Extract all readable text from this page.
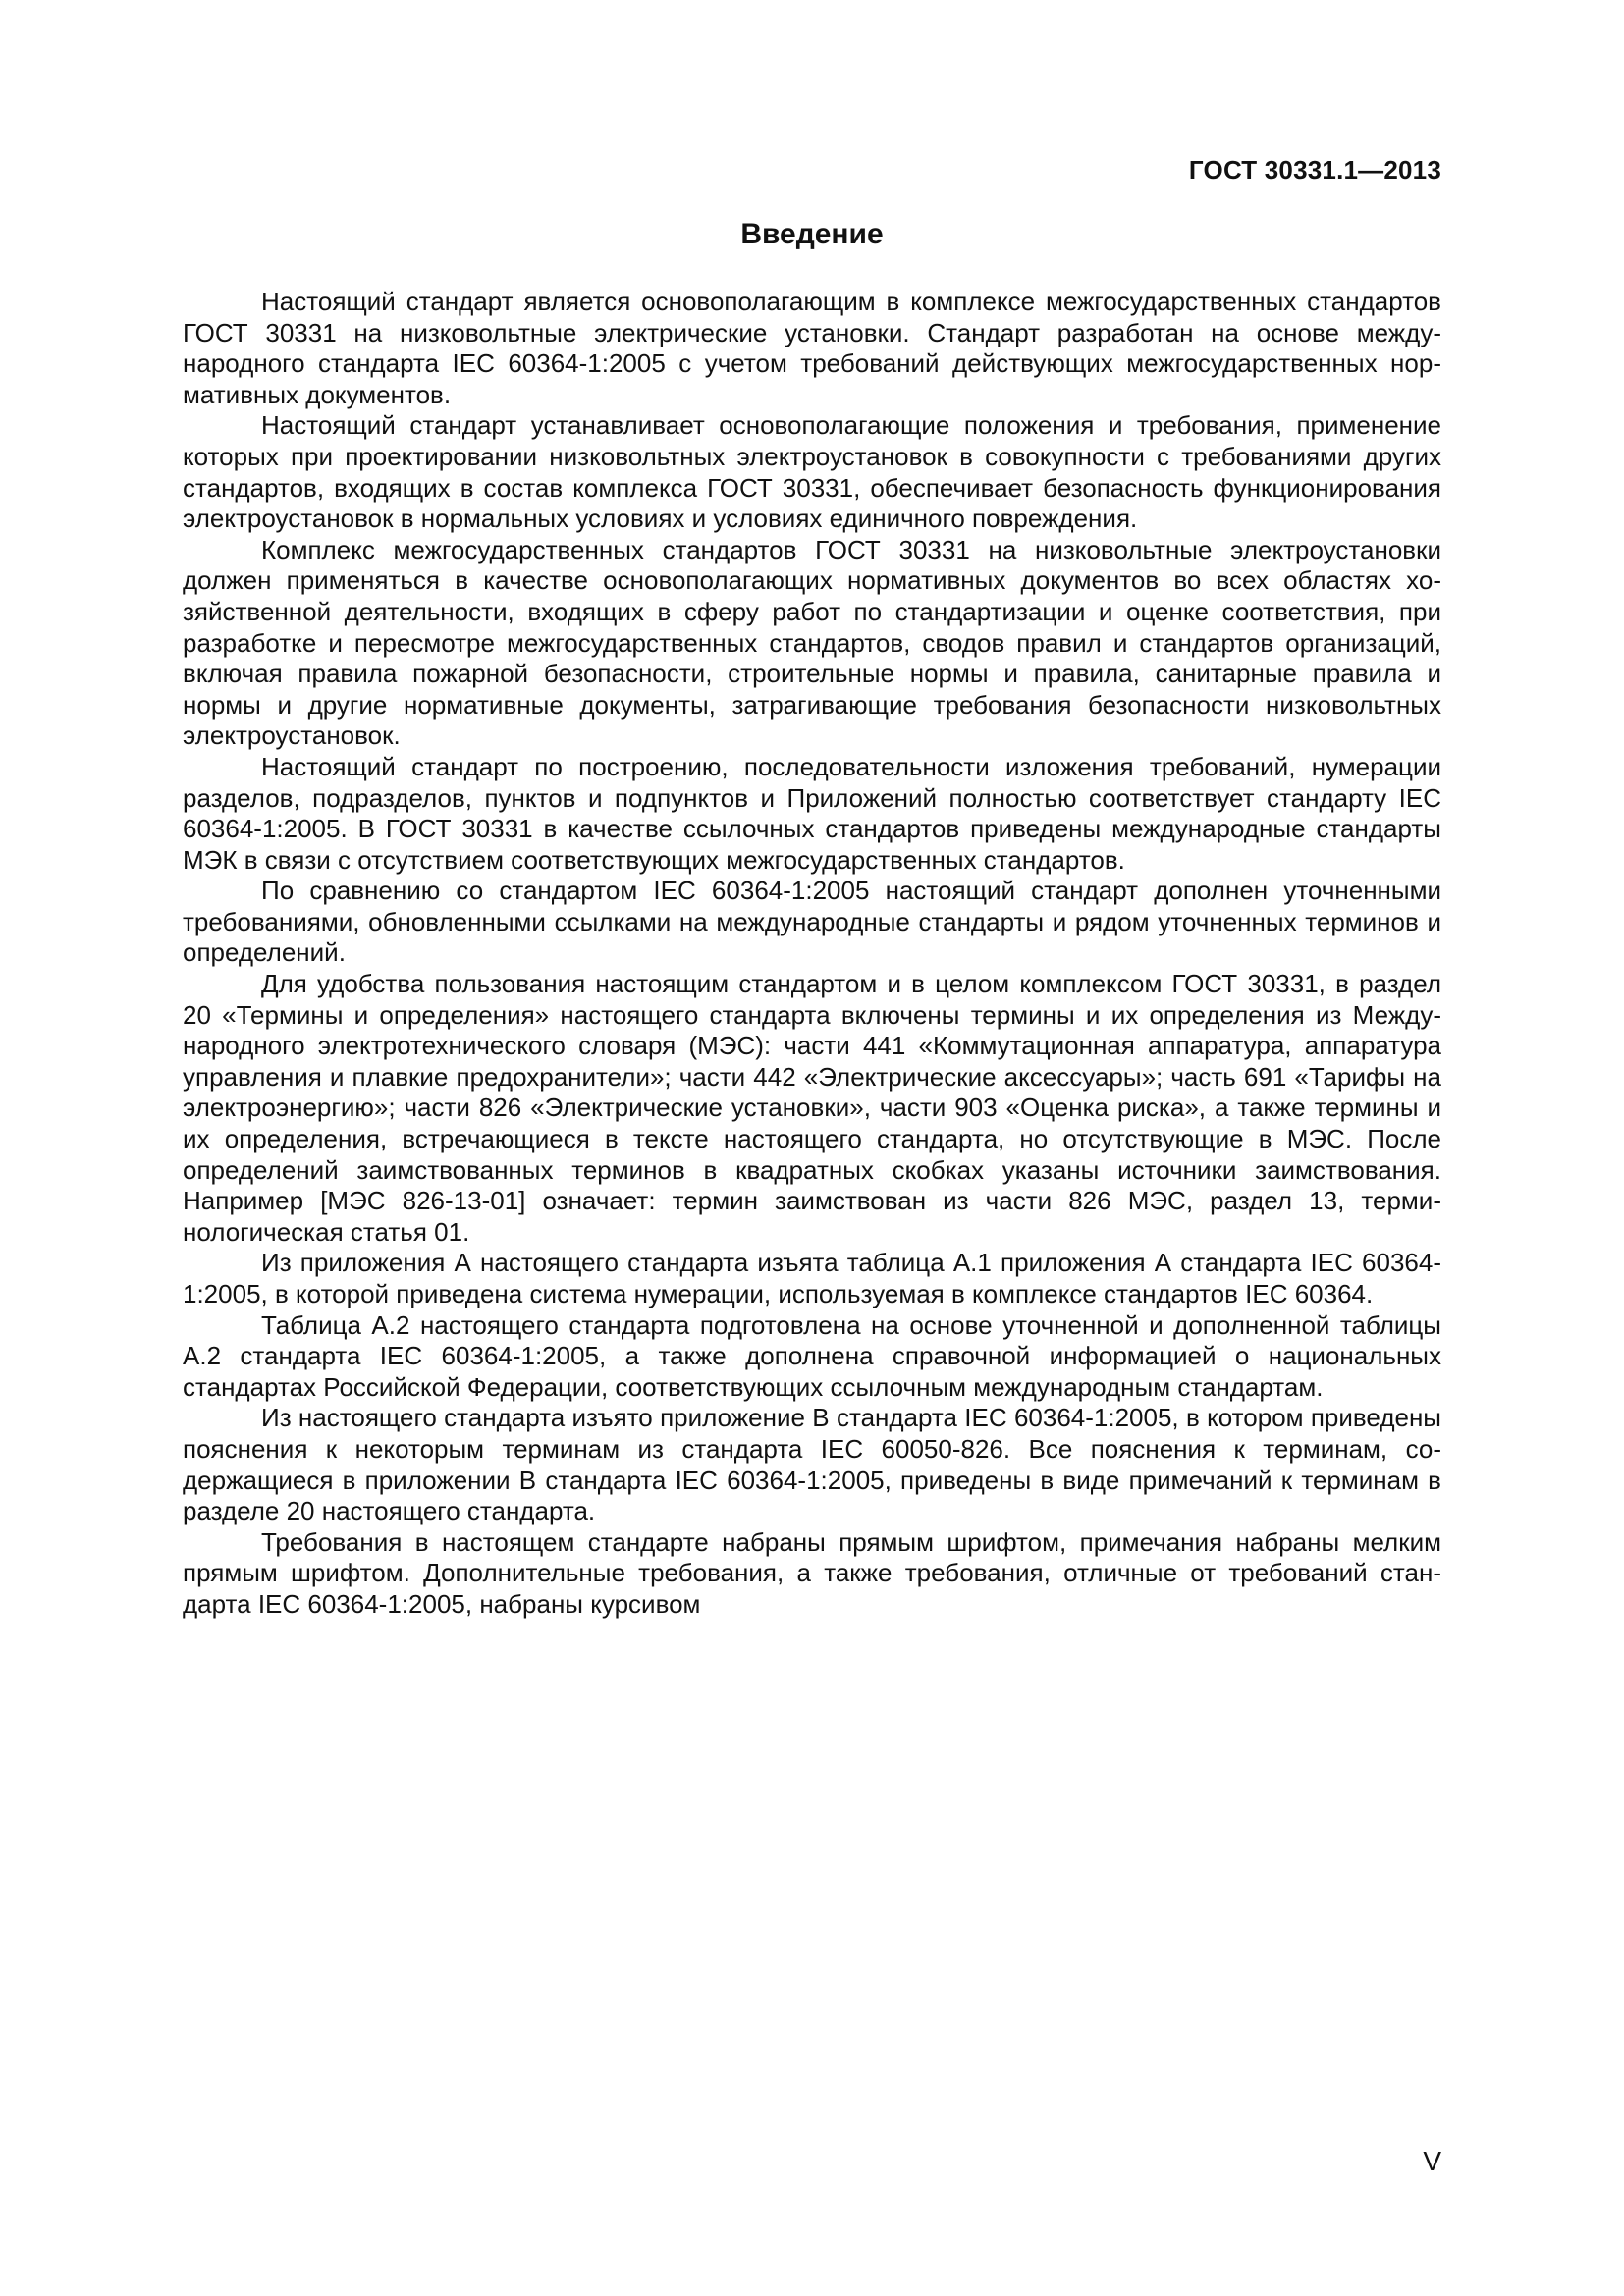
ГОСТ 30331.1—2013
Введение

Настоящий стандарт является основополагающим в комплексе межгосударственных стандартов ГОСТ 30331 на низковольтные электрические установки. Стандарт разработан на основе международного стандарта IEC 60364-1:2005 с учетом требований действующих межгосударственных нормативных документов.

Настоящий стандарт устанавливает основополагающие положения и требования, применение которых при проектировании низковольтных электроустановок в совокупности с требованиями других стандартов, входящих в состав комплекса ГОСТ 30331, обеспечивает безопасность функционирования электроустановок в нормальных условиях и условиях единичного повреждения.

Комплекс межгосударственных стандартов ГОСТ 30331 на низковольтные электроустановки должен применяться в качестве основополагающих нормативных документов во всех областях хозяйственной деятельности, входящих в сферу работ по стандартизации и оценке соответствия, при разработке и пересмотре межгосударственных стандартов, сводов правил и стандартов организаций, включая правила пожарной безопасности, строительные нормы и правила, санитарные правила и нормы и другие нормативные документы, затрагивающие требования безопасности низковольтных электроустановок.

Настоящий стандарт по построению, последовательности изложения требований, нумерации разделов, подразделов, пунктов и подпунктов и Приложений полностью соответствует стандарту IEC 60364-1:2005. В ГОСТ 30331 в качестве ссылочных стандартов приведены международные стандарты МЭК в связи с отсутствием соответствующих межгосударственных стандартов.

По сравнению со стандартом IEC 60364-1:2005 настоящий стандарт дополнен уточненными требованиями, обновленными ссылками на международные стандарты и рядом уточненных терминов и определений.

Для удобства пользования настоящим стандартом и в целом комплексом ГОСТ 30331, в раздел 20 «Термины и определения» настоящего стандарта включены термины и их определения из Международного электротехнического словаря (МЭС): части 441 «Коммутационная аппаратура, аппаратура управления и плавкие предохранители»; части 442 «Электрические аксессуары»; часть 691 «Тарифы на электроэнергию»; части 826 «Электрические установки», части 903 «Оценка риска», а также термины и их определения, встречающиеся в тексте настоящего стандарта, но отсутствующие в МЭС. После определений заимствованных терминов в квадратных скобках указаны источники заимствования. Например [МЭС 826-13-01] означает: термин заимствован из части 826 МЭС, раздел 13, терминологическая статья 01.

Из приложения А настоящего стандарта изъята таблица А.1 приложения А стандарта IEC 60364-1:2005, в которой приведена система нумерации, используемая в комплексе стандартов IEC 60364.

Таблица А.2 настоящего стандарта подготовлена на основе уточненной и дополненной таблицы А.2 стандарта IEC 60364-1:2005, а также дополнена справочной информацией о национальных стандартах Российской Федерации, соответствующих ссылочным международным стандартам.

Из настоящего стандарта изъято приложение В стандарта IEC 60364-1:2005, в котором приведены пояснения к некоторым терминам из стандарта IEC 60050-826. Все пояснения к терминам, содержащиеся в приложении В стандарта IEC 60364-1:2005, приведены в виде примечаний к терминам в разделе 20 настоящего стандарта.

Требования в настоящем стандарте набраны прямым шрифтом, примечания набраны мелким прямым шрифтом. Дополнительные требования, а также требования, отличные от требований стандарта IEC 60364-1:2005, набраны курсивом

V
